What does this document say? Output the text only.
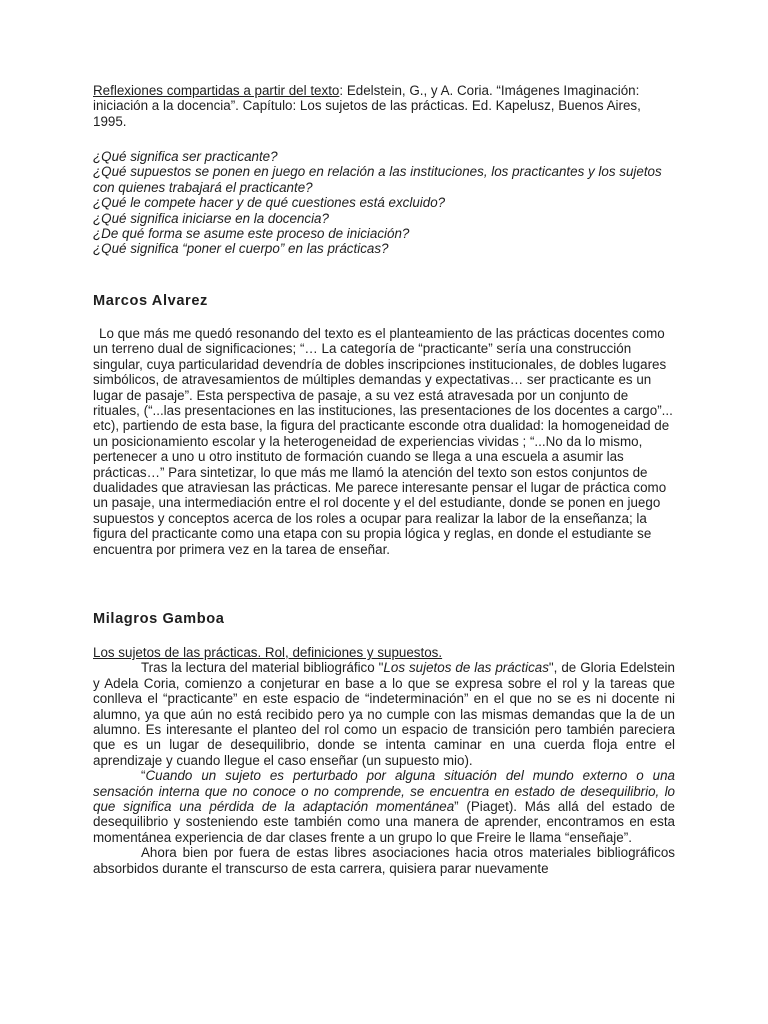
Reflexiones compartidas a partir del texto: Edelstein, G., y A. Coria. “Imágenes Imaginación: iniciación a la docencia”. Capítulo: Los sujetos de las prácticas. Ed. Kapelusz, Buenos Aires, 1995.

¿Qué significa ser practicante?

¿Qué supuestos se ponen en juego en relación a las instituciones, los practicantes y los sujetos con quienes trabajará el practicante?

¿Qué le compete hacer y de qué cuestiones está excluido?

¿Qué significa iniciarse en la docencia?

¿De qué forma se asume este proceso de iniciación?

¿Qué significa “poner el cuerpo” en las prácticas?

Marcos Alvarez

Lo que más me quedó resonando del texto es el planteamiento de las prácticas docentes como un terreno dual de significaciones; “… La categoría de “practicante” sería una construcción singular, cuya particularidad devendría de dobles inscripciones institucionales, de dobles lugares simbólicos, de atravesamientos de múltiples demandas y expectativas… ser practicante es un lugar de pasaje”. Esta perspectiva de pasaje, a su vez está atravesada por un conjunto de rituales, (“...las presentaciones en las instituciones, las presentaciones de los docentes a cargo”... etc), partiendo de esta base, la figura del practicante esconde otra dualidad: la homogeneidad de un posicionamiento escolar y la heterogeneidad de experiencias vividas ; “...No da lo mismo, pertenecer a uno u otro instituto de formación cuando se llega a una escuela a asumir las prácticas…” Para sintetizar, lo que más me llamó la atención del texto son estos conjuntos de dualidades que atraviesan las prácticas. Me parece interesante pensar el lugar de práctica como un pasaje, una intermediación entre el rol docente y el del estudiante, donde se ponen en juego supuestos y conceptos acerca de los roles a ocupar para realizar la labor de la enseñanza; la figura del practicante como una etapa con su propia lógica y reglas, en donde el estudiante se encuentra por primera vez en la tarea de enseñar.

Milagros Gamboa

Los sujetos de las prácticas. Rol, definiciones y supuestos.

Tras la lectura del material bibliográfico "Los sujetos de las prácticas", de Gloria Edelstein y Adela Coria, comienzo a conjeturar en base a lo que se expresa sobre el rol y la tareas que conlleva el “practicante” en este espacio de “indeterminación” en el que no se es ni docente ni alumno, ya que aún no está recibido pero ya no cumple con las mismas demandas que la de un alumno. Es interesante el planteo del rol como un espacio de transición pero también pareciera que es un lugar de desequilibrio, donde se intenta caminar en una cuerda floja entre el aprendizaje y cuando llegue el caso enseñar (un supuesto mio).

“Cuando un sujeto es perturbado por alguna situación del mundo externo o una sensación interna que no conoce o no comprende, se encuentra en estado de desequilibrio, lo que significa una pérdida de la adaptación momentánea” (Piaget). Más allá del estado de desequilibrio y sosteniendo este también como una manera de aprender, encontramos en esta momentánea experiencia de dar clases frente a un grupo lo que Freire le llama “enseñaje”.

Ahora bien por fuera de estas libres asociaciones hacia otros materiales bibliográficos absorbidos durante el transcurso de esta carrera, quisiera parar nuevamente
